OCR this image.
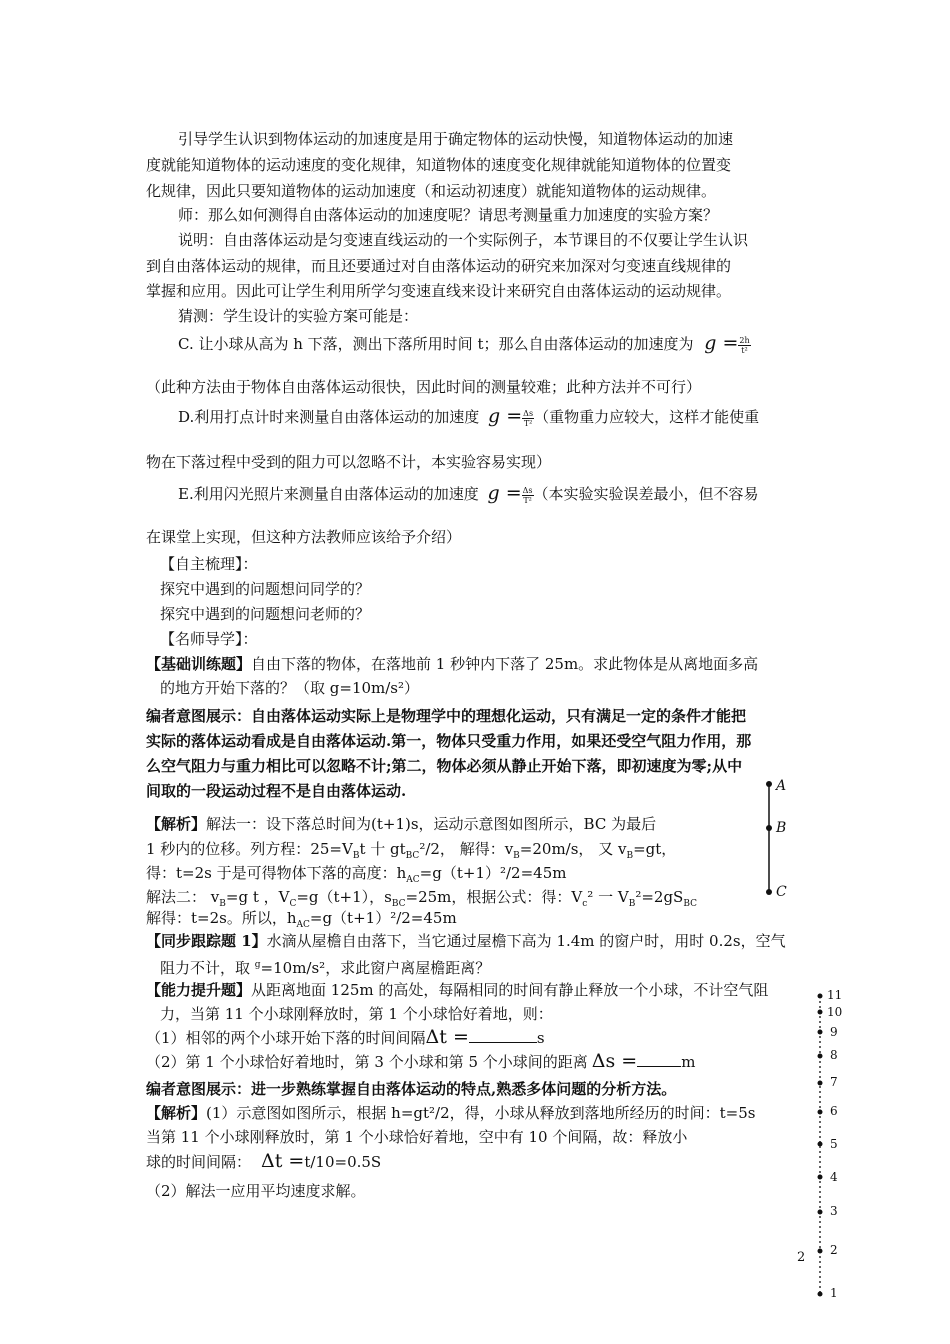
引导学生认识到物体运动的加速度是用于确定物体的运动快慢，知道物体运动的加速
度就能知道物体的运动速度的变化规律，知道物体的速度变化规律就能知道物体的位置变
化规律，因此只要知道物体的运动加速度（和运动初速度）就能知道物体的运动规律。
师：那么如何测得自由落体运动的加速度呢？请思考测量重力加速度的实验方案？
说明：自由落体运动是匀变速直线运动的一个实际例子，本节课目的不仅要让学生认识
到自由落体运动的规律，而且还要通过对自由落体运动的研究来加深对匀变速直线规律的
掌握和应用。因此可让学生利用所学匀变速直线来设计来研究自由落体运动的运动规律。
猜测：学生设计的实验方案可能是：
C. 让小球从高为 h 下落，测出下落所用时间 t；那么自由落体运动的加速度为 $g = \frac{2h}{\text{t²}}$
（此种方法由于物体自由落体运动很快，因此时间的测量较难；此种方法并不可行）
D.利用打点计时来测量自由落体运动的加速度 $g = \frac{\Delta s}{\text{T²}}$ （重物重力应较大，这样才能使重
物在下落过程中受到的阻力可以忽略不计，本实验容易实现）
E.利用闪光照片来测量自由落体运动的加速度 $g = \frac{\Delta s}{\text{T²}}$ （本实验实验误差最小，但不容易
在课堂上实现，但这种方法教师应该给予介绍）
【自主梳理】：
探究中遇到的问题想问同学的？
探究中遇到的问题想问老师的？
【名师导学】：
【基础训练题】自由下落的物体，在落地前 1 秒钟内下落了 25m。求此物体是从离地面多高
的地方开始下落的？（取 g=10m/s²）
编者意图展示：自由落体运动实际上是物理学中的理想化运动，只有满足一定的条件才能把
实际的落体运动看成是自由落体运动.第一，物体只受重力作用，如果还受空气阻力作用，那
么空气阻力与重力相比可以忽略不计;第二，物体必须从静止开始下落，即初速度为零;从中
间取的一段运动过程不是自由落体运动.
【解析】解法一：设下落总时间为(t+1)s，运动示意图如图所示，BC 为最后
1 秒内的位移。列方程：$25=V_Bt$ 十 $gt_{BC}^2/2$， 解得：$v_B=20m/s$， 又 $v_B=gt$，
得：t=2s 于是可得物体下落的高度：$h_{AC}=g(t+1)^2/2=45m$
解法二： $v_B=g$ t ，$V_C=g(t+1)$，$s_{BC}=25m$，根据公式：得：$V_c^2$ 一 $V_B^2=2gS_{BC}$
解得：t=2s。所以，$h_{AC}=g(t+1)^2/2=45m$
A
B
C
【同步跟踪题 1】水滴从屋檐自由落下，当它通过屋檐下高为 1.4m 的窗户时，用时 0.2s，空气
阻力不计，取 $^g$=10m/s²，求此窗户离屋檐距离？
【能力提升题】从距离地面 125m 的高处，每隔相同的时间有静止释放一个小球，不计空气阻
力，当第 11 个小球刚释放时，第 1 个小球恰好着地，则：
（1）相邻的两个小球开始下落的时间间隔Δt =	s
（2）第 1 个小球恰好着地时，第 3 个小球和第 5 个小球间的距离 Δs =	m
编者意图展示：进一步熟练掌握自由落体运动的特点,熟悉多体问题的分析方法。
【解析】(1）示意图如图所示，根据 h=gt²/2，得，小球从释放到落地所经历的时间：t=5s
当第 11 个小球刚释放时，第 1 个小球恰好着地，空中有 10 个间隔，故：释放小
球的时间间隔： Δt =t/10=0.5S
（2）解法一应用平均速度求解。
11
10
9
8
7
6
5
4
3
2
1
2
